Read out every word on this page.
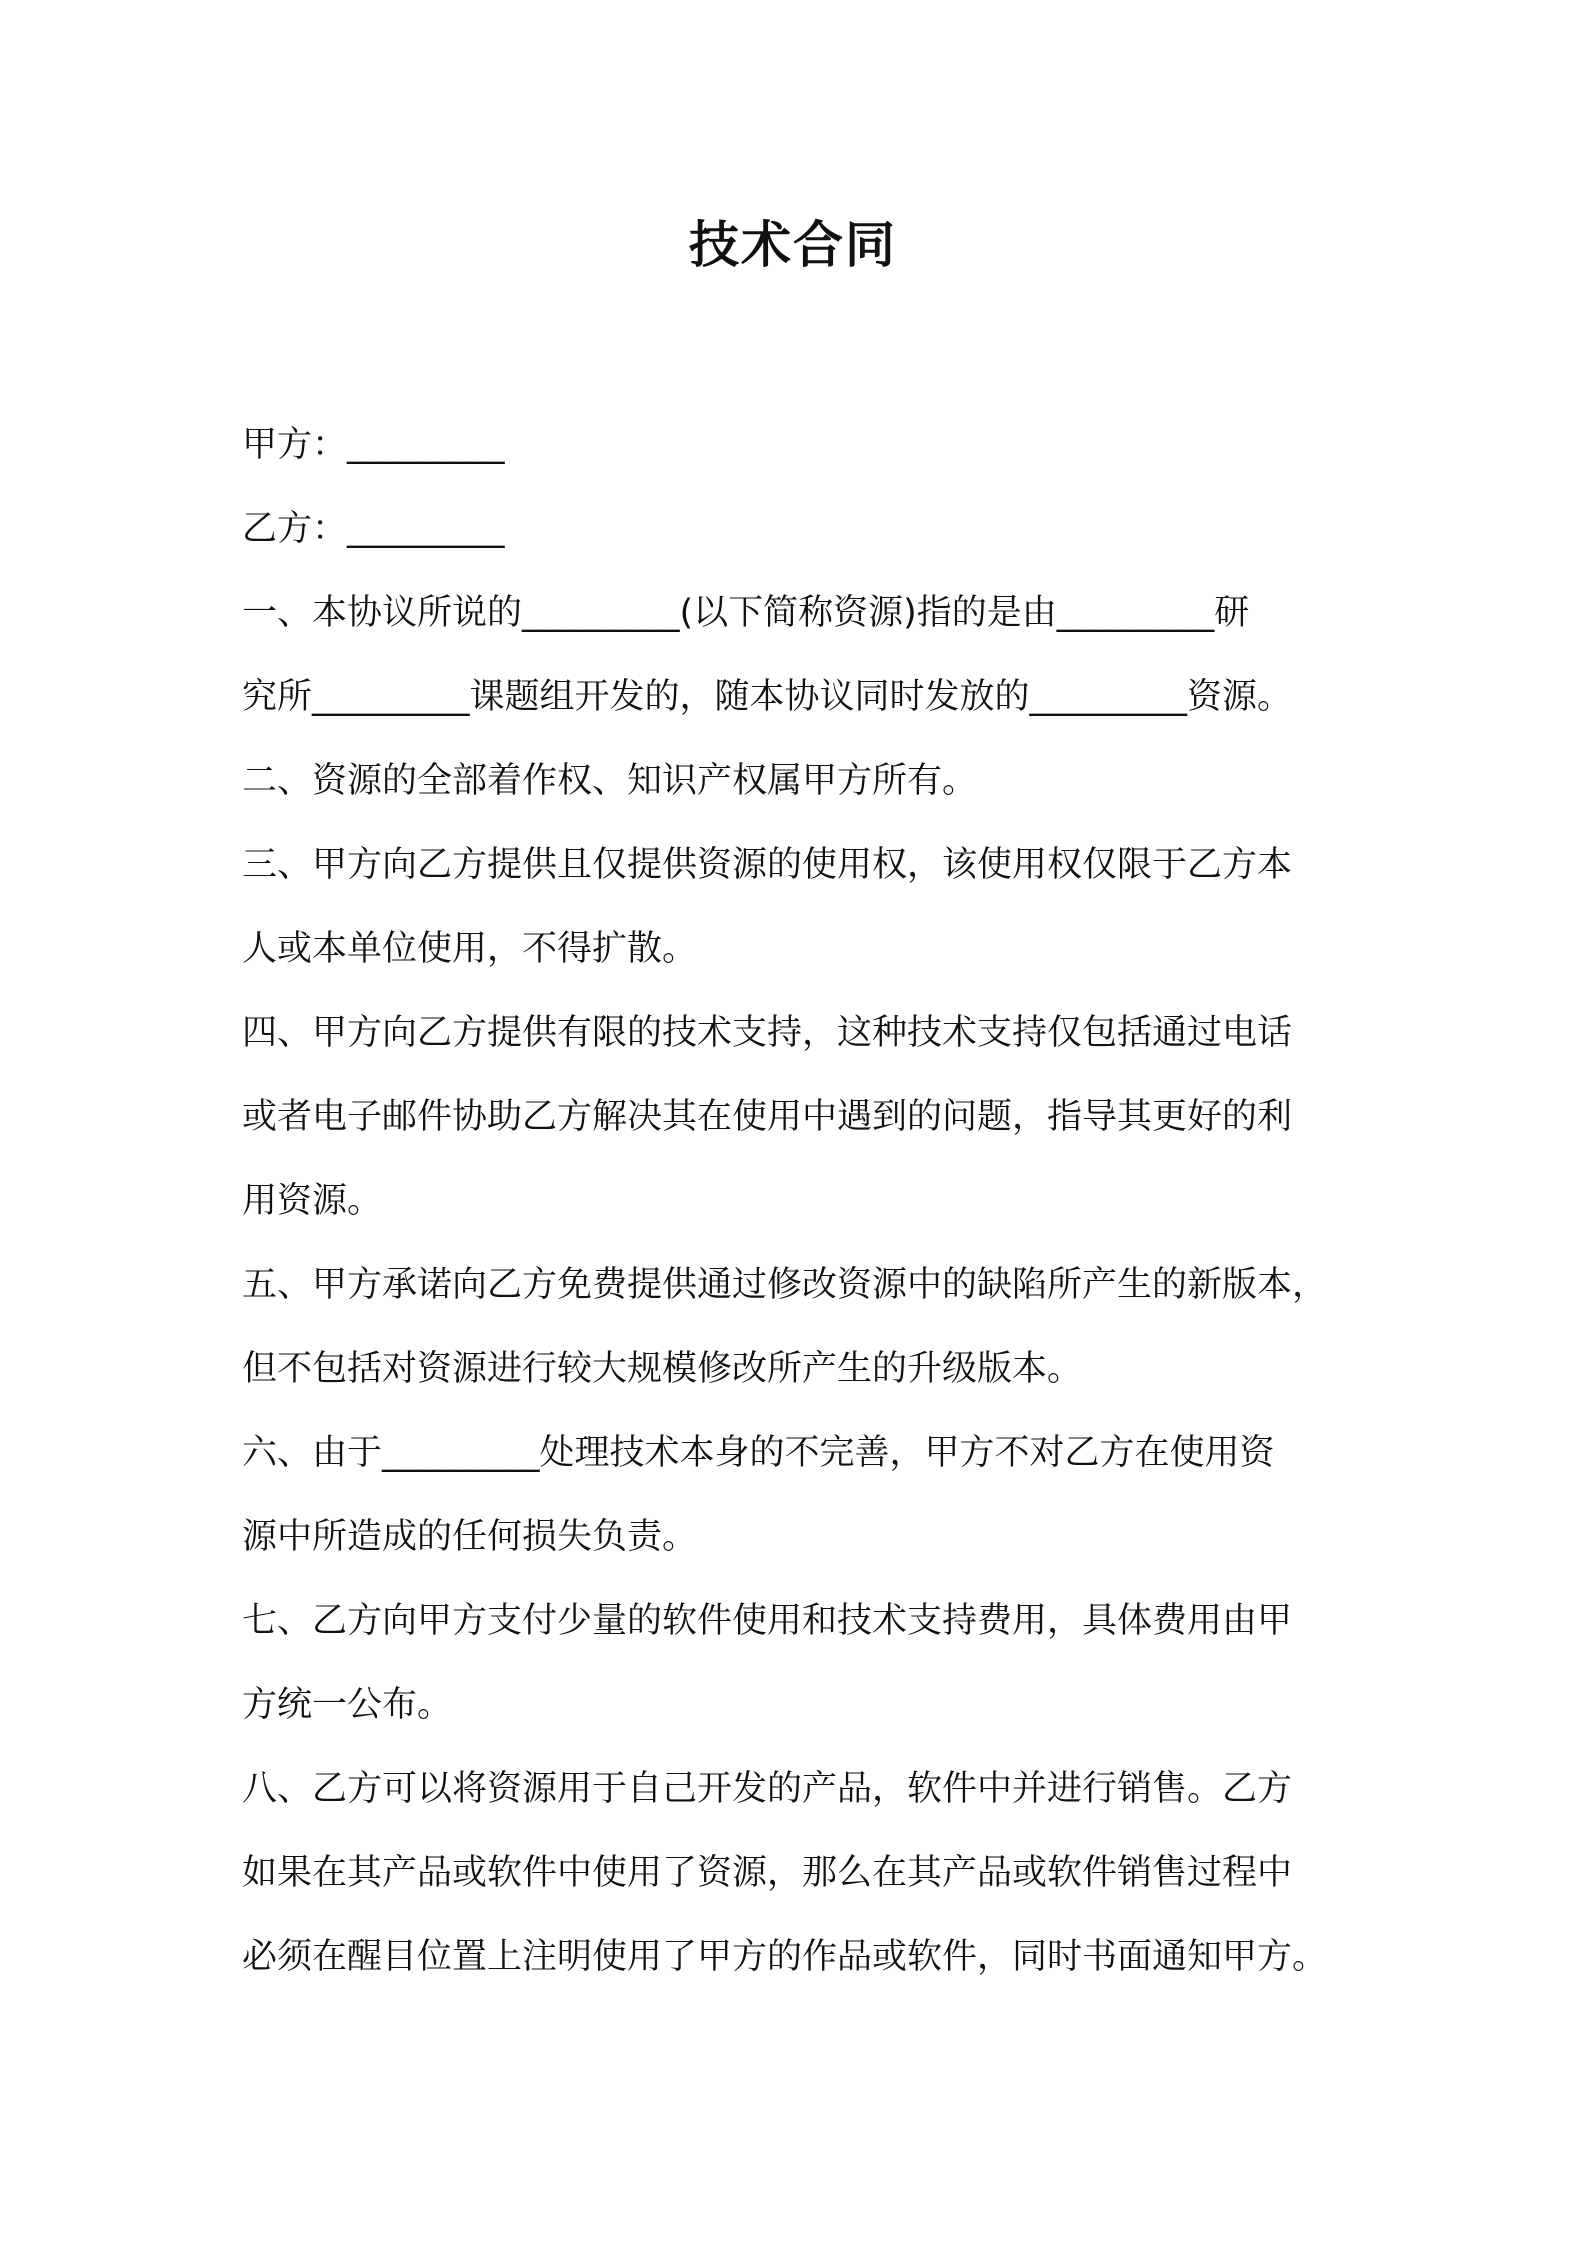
技术合同
甲方：_________
乙方：_________
一、本协议所说的_________(以下简称资源)指的是由_________研
究所_________课题组开发的，随本协议同时发放的_________资源。
二、资源的全部着作权、知识产权属甲方所有。
三、甲方向乙方提供且仅提供资源的使用权，该使用权仅限于乙方本
人或本单位使用，不得扩散。
四、甲方向乙方提供有限的技术支持，这种技术支持仅包括通过电话
或者电子邮件协助乙方解决其在使用中遇到的问题，指导其更好的利
用资源。
五、甲方承诺向乙方免费提供通过修改资源中的缺陷所产生的新版本，
但不包括对资源进行较大规模修改所产生的升级版本。
六、由于_________处理技术本身的不完善，甲方不对乙方在使用资
源中所造成的任何损失负责。
七、乙方向甲方支付少量的软件使用和技术支持费用，具体费用由甲
方统一公布。
八、乙方可以将资源用于自己开发的产品，软件中并进行销售。乙方
如果在其产品或软件中使用了资源，那么在其产品或软件销售过程中
必须在醒目位置上注明使用了甲方的作品或软件，同时书面通知甲方。
